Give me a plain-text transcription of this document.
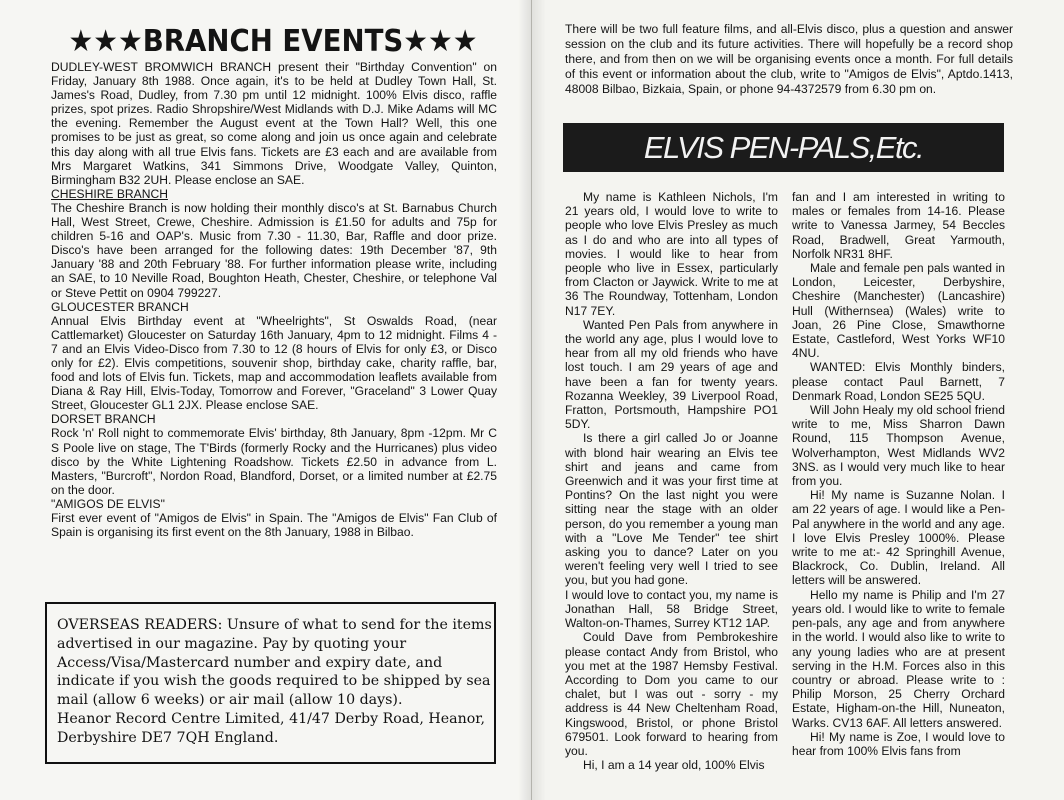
★★★BRANCH EVENTS★★★

DUDLEY-WEST BROMWICH BRANCH present their "Birthday Convention" on Friday, January 8th 1988. Once again, it's to be held at Dudley Town Hall, St. James's Road, Dudley, from 7.30 pm until 12 midnight. 100% Elvis disco, raffle prizes, spot prizes. Radio Shropshire/West Midlands with D.J. Mike Adams will MC the evening. Remember the August event at the Town Hall? Well, this one promises to be just as great, so come along and join us once again and celebrate this day along with all true Elvis fans. Tickets are £3 each and are available from Mrs Margaret Watkins, 341 Simmons Drive, Woodgate Valley, Quinton, Birmingham B32 2UH. Please enclose an SAE.

CHESHIRE BRANCH

The Cheshire Branch is now holding their monthly disco's at St. Barnabus Church Hall, West Street, Crewe, Cheshire. Admission is £1.50 for adults and 75p for children 5-16 and OAP's. Music from 7.30 - 11.30, Bar, Raffle and door prize. Disco's have been arranged for the following dates: 19th December '87, 9th January '88 and 20th February '88. For further information please write, including an SAE, to 10 Neville Road, Boughton Heath, Chester, Cheshire, or telephone Val or Steve Pettit on 0904 799227.

GLOUCESTER BRANCH

Annual Elvis Birthday event at "Wheelrights", St Oswalds Road, (near Cattlemarket) Gloucester on Saturday 16th January, 4pm to 12 midnight. Films 4 - 7 and an Elvis Video-Disco from 7.30 to 12 (8 hours of Elvis for only £3, or Disco only for £2). Elvis competitions, souvenir shop, birthday cake, charity raffle, bar, food and lots of Elvis fun. Tickets, map and accommodation leaflets available from Diana & Ray Hill, Elvis-Today, Tomorrow and Forever, "Graceland" 3 Lower Quay Street, Gloucester GL1 2JX. Please enclose SAE.

DORSET BRANCH

Rock 'n' Roll night to commemorate Elvis' birthday, 8th January, 8pm -12pm. Mr C S Poole live on stage, The T'Birds (formerly Rocky and the Hurricanes) plus video disco by the White Lightening Roadshow. Tickets £2.50 in advance from L. Masters, "Burcroft", Nordon Road, Blandford, Dorset, or a limited number at £2.75 on the door.

"AMIGOS DE ELVIS"

First ever event of "Amigos de Elvis" in Spain. The "Amigos de Elvis" Fan Club of Spain is organising its first event on the 8th January, 1988 in Bilbao.

OVERSEAS READERS: Unsure of what to send for the items
advertised in our magazine. Pay by quoting your
Access/Visa/Mastercard number and expiry date, and
indicate if you wish the goods required to be shipped by sea
mail (allow 6 weeks) or air mail (allow 10 days).
Heanor Record Centre Limited, 41/47 Derby Road, Heanor,
Derbyshire DE7 7QH England.
There will be two full feature films, and all-Elvis disco, plus a question and answer session on the club and its future activities. There will hopefully be a record shop there, and from then on we will be organising events once a month. For full details of this event or information about the club, write to "Amigos de Elvis", Aptdo.1413, 48008 Bilbao, Bizkaia, Spain, or phone 94-4372579 from 6.30 pm on.
ELVIS PEN-PALS,Etc.

My name is Kathleen Nichols, I'm 21 years old, I would love to write to people who love Elvis Presley as much as I do and who are into all types of movies. I would like to hear from people who live in Essex, particularly from Clacton or Jaywick. Write to me at 36 The Roundway, Tottenham, London N17 7EY.

Wanted Pen Pals from anywhere in the world any age, plus I would love to hear from all my old friends who have lost touch. I am 29 years of age and have been a fan for twenty years. Rozanna Weekley, 39 Liverpool Road, Fratton, Portsmouth, Hampshire PO1 5DY.

Is there a girl called Jo or Joanne with blond hair wearing an Elvis tee shirt and jeans and came from Greenwich and it was your first time at Pontins? On the last night you were sitting near the stage with an older person, do you remember a young man with a "Love Me Tender" tee shirt asking you to dance? Later on you weren't feeling very well I tried to see you, but you had gone.

I would love to contact you, my name is Jonathan Hall, 58 Bridge Street, Walton-on-Thames, Surrey KT12 1AP.

Could Dave from Pembrokeshire please contact Andy from Bristol, who you met at the 1987 Hemsby Festival. According to Dom you came to our chalet, but I was out - sorry - my address is 44 New Cheltenham Road, Kingswood, Bristol, or phone Bristol 679501. Look forward to hearing from you.

Hi, I am a 14 year old, 100% Elvis

fan and I am interested in writing to males or females from 14-16. Please write to Vanessa Jarmey, 54 Beccles Road, Bradwell, Great Yarmouth, Norfolk NR31 8HF.

Male and female pen pals wanted in London, Leicester, Derbyshire, Cheshire (Manchester) (Lancashire) Hull (Withernsea) (Wales) write to Joan, 26 Pine Close, Smawthorne Estate, Castleford, West Yorks WF10 4NU.

WANTED: Elvis Monthly binders, please contact Paul Barnett, 7 Denmark Road, London SE25 5QU.

Will John Healy my old school friend write to me, Miss Sharron Dawn Round, 115 Thompson Avenue, Wolverhampton, West Midlands WV2 3NS. as I would very much like to hear from you.

Hi! My name is Suzanne Nolan. I am 22 years of age. I would like a Pen-Pal anywhere in the world and any age. I love Elvis Presley 1000%. Please write to me at:- 42 Springhill Avenue, Blackrock, Co. Dublin, Ireland. All letters will be answered.

Hello my name is Philip and I'm 27 years old. I would like to write to female pen-pals, any age and from anywhere in the world. I would also like to write to any young ladies who are at present serving in the H.M. Forces also in this country or abroad. Please write to : Philip Morson, 25 Cherry Orchard Estate, Higham-on-the Hill, Nuneaton, Warks. CV13 6AF. All letters answered.

Hi! My name is Zoe, I would love to hear from 100% Elvis fans from
